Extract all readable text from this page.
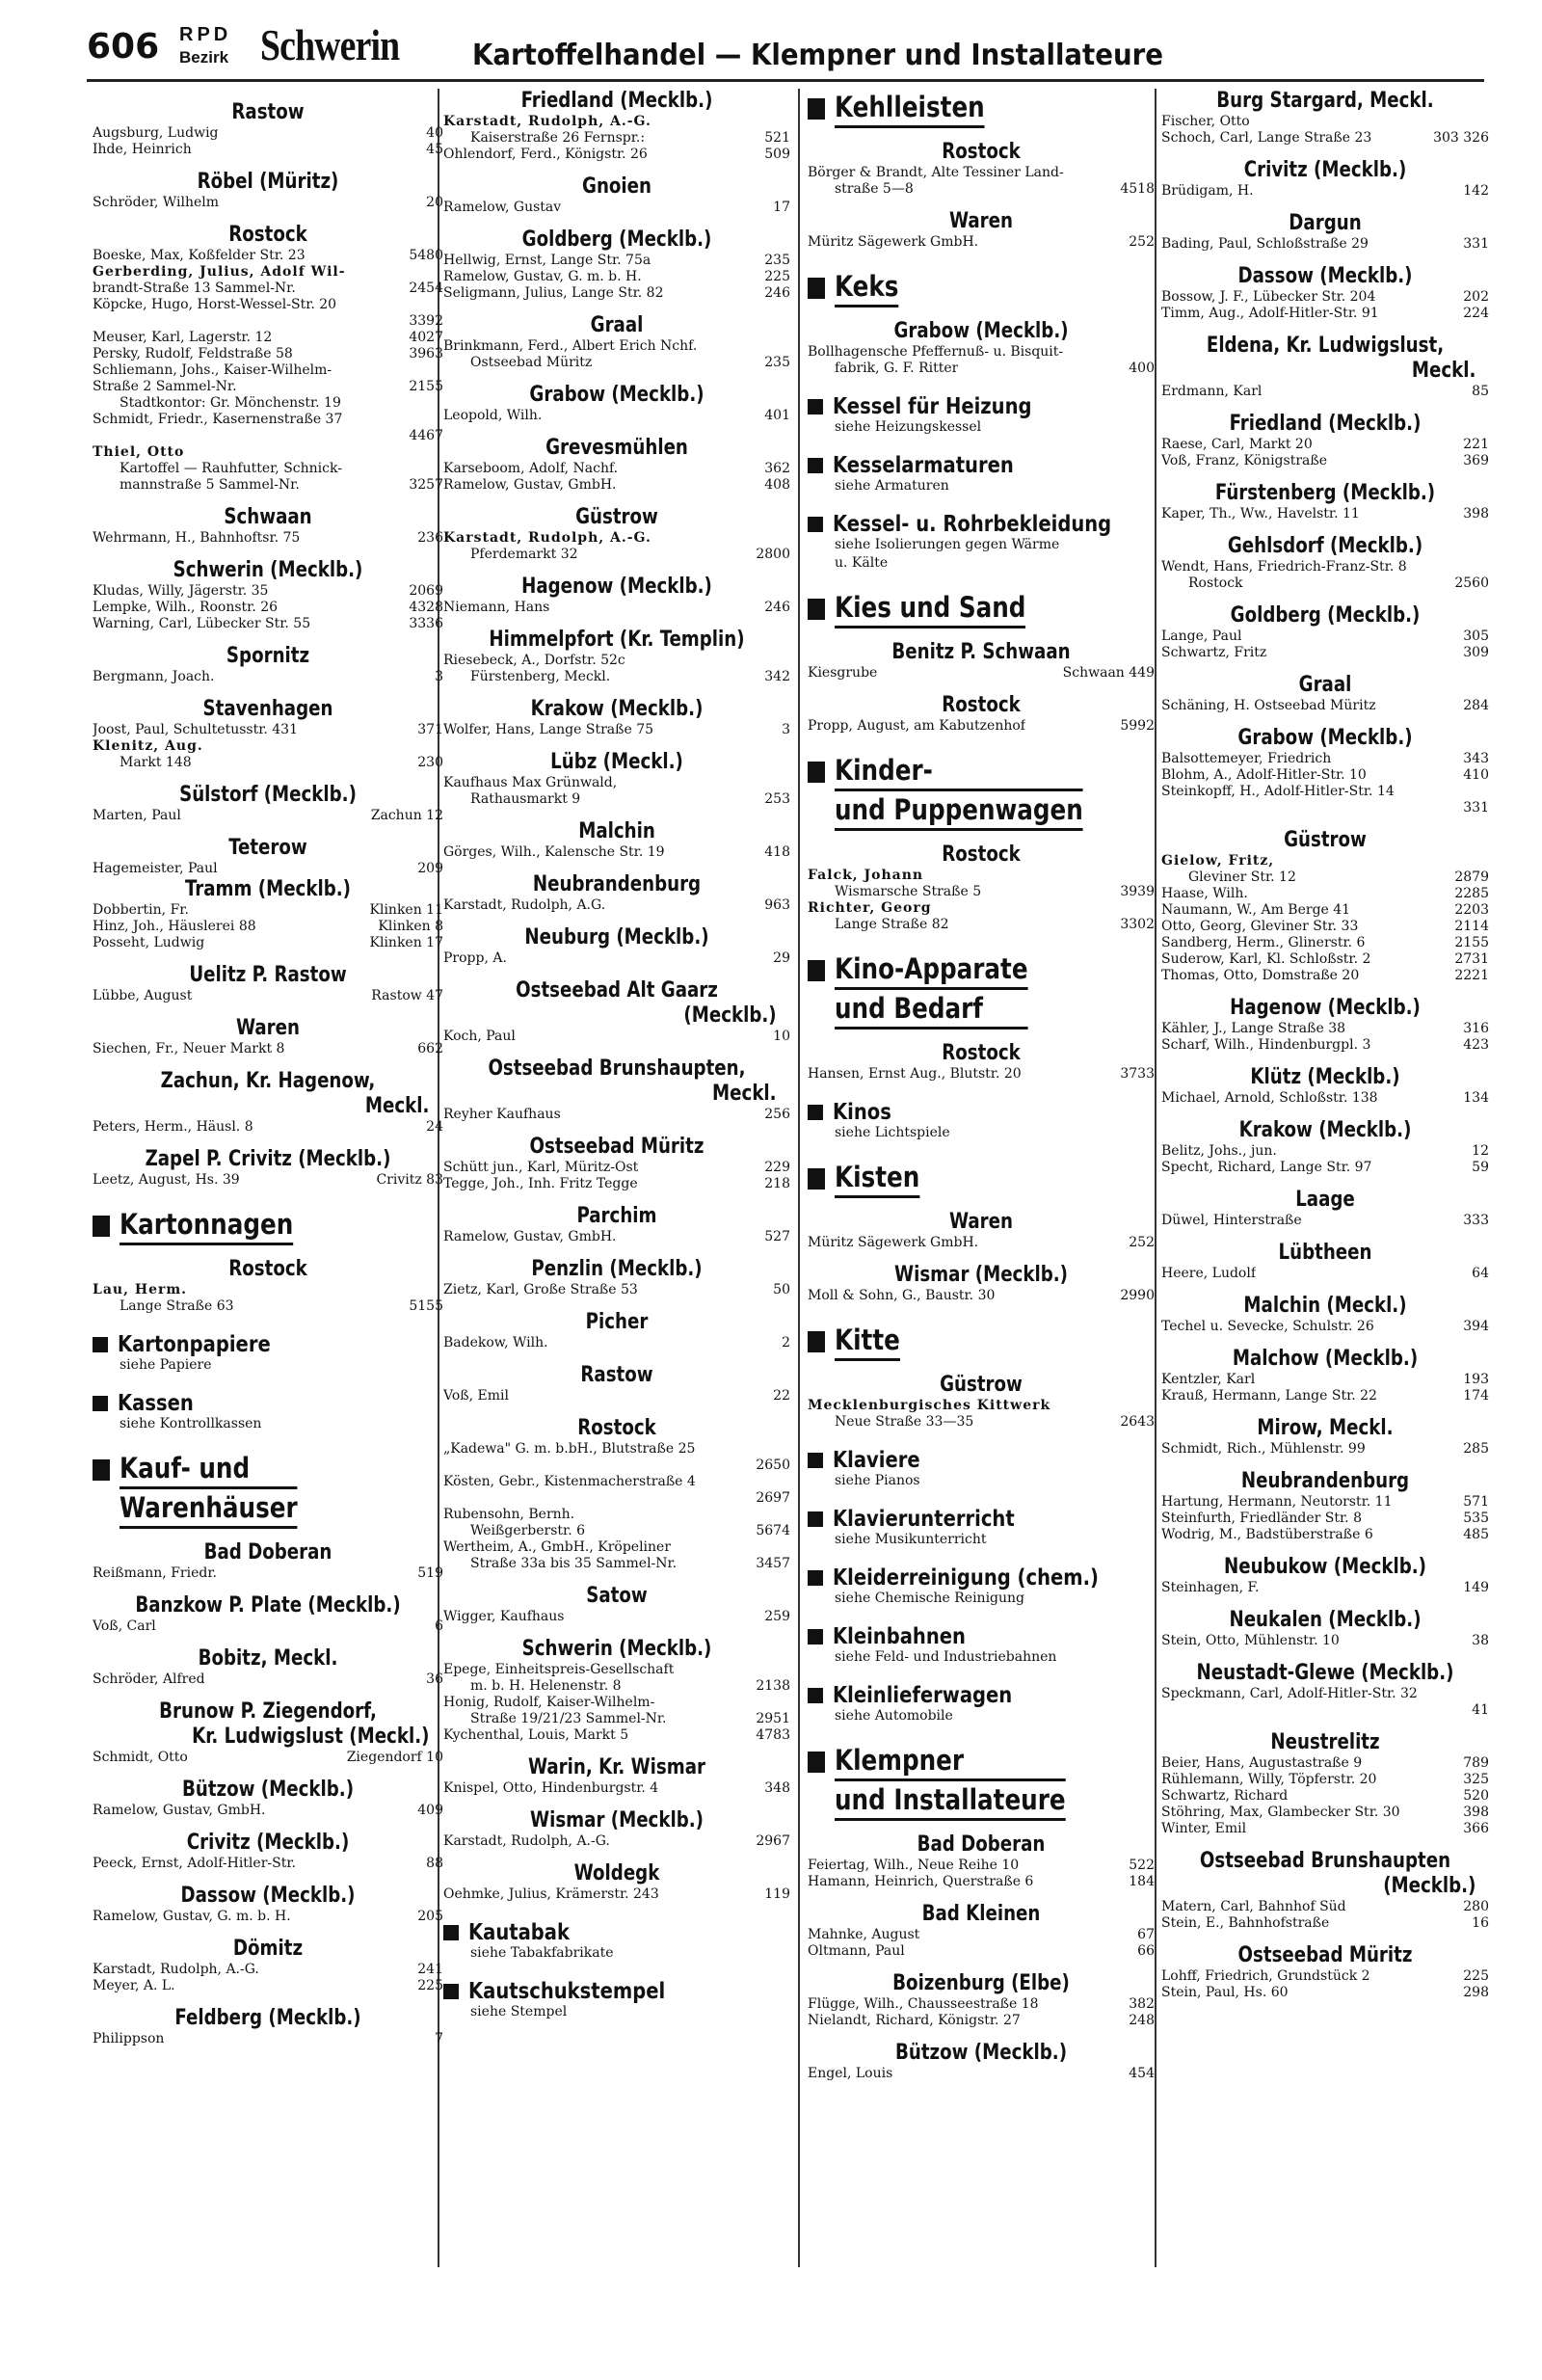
606 RPD
Bezirk Schwerin	Kartoffelhandel — Klempner und Installateure
Rastow
Augsburg, Ludwig	40
Ihde, Heinrich	45
Röbel (Müritz)
Schröder, Wilhelm	20
Rostock
Boeske, Max, Koßfelder Str. 23	5480
Gerberding, Julius, Adolf Wil-
brandt-Straße 13 Sammel-Nr.	2454
Köpcke, Hugo, Horst-Wessel-Str. 20
3392
Meuser, Karl, Lagerstr. 12	4027
Persky, Rudolf, Feldstraße 58	3963
Schliemann, Johs., Kaiser-Wilhelm-
Straße 2 Sammel-Nr.	2155
Stadtkontor: Gr. Mönchenstr. 19
Schmidt, Friedr., Kasernenstraße 37
4467
Thiel, Otto
Kartoffel — Rauhfutter, Schnick-
mannstraße 5 Sammel-Nr.	3257
Schwaan
Wehrmann, H., Bahnhoftsr. 75	236
Schwerin (Mecklb.)
Kludas, Willy, Jägerstr. 35	2069
Lempke, Wilh., Roonstr. 26	4328
Warning, Carl, Lübecker Str. 55	3336
Spornitz
Bergmann, Joach.	3
Stavenhagen
Joost, Paul, Schultetusstr. 431	371
Klenitz, Aug.
Markt 148	230
Sülstorf (Mecklb.)
Marten, Paul	Zachun 12
Teterow
Hagemeister, Paul	209
Tramm (Mecklb.)
Dobbertin, Fr.	Klinken 11
Hinz, Joh., Häuslerei 88	Klinken 8
Posseht, Ludwig	Klinken 17
Uelitz P. Rastow
Lübbe, August	Rastow 47
Waren
Siechen, Fr., Neuer Markt 8	662
Zachun, Kr. Hagenow,
Meckl.
Peters, Herm., Häusl. 8	24
Zapel P. Crivitz (Mecklb.)
Leetz, August, Hs. 39	Crivitz 83
Kartonnagen
Rostock
Lau, Herm.
Lange Straße 63	5155
Kartonpapiere
siehe Papiere
Kassen
siehe Kontrollkassen
Kauf- und
Warenhäuser
Bad Doberan
Reißmann, Friedr.	519
Banzkow P. Plate (Mecklb.)
Voß, Carl	6
Bobitz, Meckl.
Schröder, Alfred	36
Brunow P. Ziegendorf,
Kr. Ludwigslust (Meckl.)
Schmidt, Otto	Ziegendorf 10
Bützow (Mecklb.)
Ramelow, Gustav, GmbH.	409
Crivitz (Mecklb.)
Peeck, Ernst, Adolf-Hitler-Str.	88
Dassow (Mecklb.)
Ramelow, Gustav, G. m. b. H.	205
Dömitz
Karstadt, Rudolph, A.-G.	241
Meyer, A. L.	225
Feldberg (Mecklb.)
Philippson	7
Friedland (Mecklb.)
Karstadt, Rudolph, A.-G.
Kaiserstraße 26 Fernspr.:	521
Ohlendorf, Ferd., Königstr. 26	509
Gnoien
Ramelow, Gustav	17
Goldberg (Mecklb.)
Hellwig, Ernst, Lange Str. 75a	235
Ramelow, Gustav, G. m. b. H.	225
Seligmann, Julius, Lange Str. 82	246
Graal
Brinkmann, Ferd., Albert Erich Nchf.
Ostseebad Müritz	235
Grabow (Mecklb.)
Leopold, Wilh.	401
Grevesmühlen
Karseboom, Adolf, Nachf.	362
Ramelow, Gustav, GmbH.	408
Güstrow
Karstadt, Rudolph, A.-G.
Pferdemarkt 32	2800
Hagenow (Mecklb.)
Niemann, Hans	246
Himmelpfort (Kr. Templin)
Riesebeck, A., Dorfstr. 52c
Fürstenberg, Meckl.	342
Krakow (Mecklb.)
Wolfer, Hans, Lange Straße 75	3
Lübz (Meckl.)
Kaufhaus Max Grünwald,
Rathausmarkt 9	253
Malchin
Görges, Wilh., Kalensche Str. 19	418
Neubrandenburg
Karstadt, Rudolph, A.G.	963
Neuburg (Mecklb.)
Propp, A.	29
Ostseebad Alt Gaarz
(Mecklb.)
Koch, Paul	10
Ostseebad Brunshaupten,
Meckl.
Reyher Kaufhaus	256
Ostseebad Müritz
Schütt jun., Karl, Müritz-Ost	229
Tegge, Joh., Inh. Fritz Tegge	218
Parchim
Ramelow, Gustav, GmbH.	527
Penzlin (Mecklb.)
Zietz, Karl, Große Straße 53	50
Picher
Badekow, Wilh.	2
Rastow
Voß, Emil	22
Rostock
„Kadewa" G. m. b.bH., Blutstraße 25
2650
Kösten, Gebr., Kistenmacherstraße 4
2697
Rubensohn, Bernh.
Weißgerberstr. 6	5674
Wertheim, A., GmbH., Kröpeliner
Straße 33a bis 35 Sammel-Nr.	3457
Satow
Wigger, Kaufhaus	259
Schwerin (Mecklb.)
Epege, Einheitspreis-Gesellschaft
m. b. H. Helenenstr. 8	2138
Honig, Rudolf, Kaiser-Wilhelm-
Straße 19/21/23 Sammel-Nr.	2951
Kychenthal, Louis, Markt 5	4783
Warin, Kr. Wismar
Knispel, Otto, Hindenburgstr. 4	348
Wismar (Mecklb.)
Karstadt, Rudolph, A.-G.	2967
Woldegk
Oehmke, Julius, Krämerstr. 243	119
Kautabak
siehe Tabakfabrikate
Kautschukstempel
siehe Stempel
Kehlleisten
Rostock
Börger & Brandt, Alte Tessiner Land-
straße 5—8	4518
Waren
Müritz Sägewerk GmbH.	252
Keks
Grabow (Mecklb.)
Bollhagensche Pfeffernuß- u. Bisquit-
fabrik, G. F. Ritter	400
Kessel für Heizung
siehe Heizungskessel
Kesselarmaturen
siehe Armaturen
Kessel- u. Rohrbekleidung
siehe Isolierungen gegen Wärme
u. Kälte
Kies und Sand
Benitz P. Schwaan
Kiesgrube	Schwaan 449
Rostock
Propp, August, am Kabutzenhof	5992
Kinder-
und Puppenwagen
Rostock
Falck, Johann
Wismarsche Straße 5	3939
Richter, Georg
Lange Straße 82	3302
Kino-Apparate
und Bedarf
Rostock
Hansen, Ernst Aug., Blutstr. 20	3733
Kinos
siehe Lichtspiele
Kisten
Waren
Müritz Sägewerk GmbH.	252
Wismar (Mecklb.)
Moll & Sohn, G., Baustr. 30	2990
Kitte
Güstrow
Mecklenburgisches Kittwerk
Neue Straße 33—35	2643
Klaviere
siehe Pianos
Klavierunterricht
siehe Musikunterricht
Kleiderreinigung (chem.)
siehe Chemische Reinigung
Kleinbahnen
siehe Feld- und Industriebahnen
Kleinlieferwagen
siehe Automobile
Klempner
und Installateure
Bad Doberan
Feiertag, Wilh., Neue Reihe 10	522
Hamann, Heinrich, Querstraße 6	184
Bad Kleinen
Mahnke, August	67
Oltmann, Paul	66
Boizenburg (Elbe)
Flügge, Wilh., Chausseestraße 18	382
Nielandt, Richard, Königstr. 27	248
Bützow (Mecklb.)
Engel, Louis	454
Burg Stargard, Meckl.
Fischer, Otto
Schoch, Carl, Lange Straße 23	303 326
Crivitz (Mecklb.)
Brüdigam, H.	142
Dargun
Bading, Paul, Schloßstraße 29	331
Dassow (Mecklb.)
Bossow, J. F., Lübecker Str. 204	202
Timm, Aug., Adolf-Hitler-Str. 91	224
Eldena, Kr. Ludwigslust,
Meckl.
Erdmann, Karl	85
Friedland (Mecklb.)
Raese, Carl, Markt 20	221
Voß, Franz, Königstraße	369
Fürstenberg (Mecklb.)
Kaper, Th., Ww., Havelstr. 11	398
Gehlsdorf (Mecklb.)
Wendt, Hans, Friedrich-Franz-Str. 8
Rostock	2560
Goldberg (Mecklb.)
Lange, Paul	305
Schwartz, Fritz	309
Graal
Schäning, H. Ostseebad Müritz	284
Grabow (Mecklb.)
Balsottemeyer, Friedrich	343
Blohm, A., Adolf-Hitler-Str. 10	410
Steinkopff, H., Adolf-Hitler-Str. 14
331
Güstrow
Gielow, Fritz,
Gleviner Str. 12	2879
Haase, Wilh.	2285
Naumann, W., Am Berge 41	2203
Otto, Georg, Gleviner Str. 33	2114
Sandberg, Herm., Glinerstr. 6	2155
Suderow, Karl, Kl. Schloßstr. 2	2731
Thomas, Otto, Domstraße 20	2221
Hagenow (Mecklb.)
Kähler, J., Lange Straße 38	316
Scharf, Wilh., Hindenburgpl. 3	423
Klütz (Mecklb.)
Michael, Arnold, Schloßstr. 138	134
Krakow (Mecklb.)
Belitz, Johs., jun.	12
Specht, Richard, Lange Str. 97	59
Laage
Düwel, Hinterstraße	333
Lübtheen
Heere, Ludolf	64
Malchin (Meckl.)
Techel u. Sevecke, Schulstr. 26	394
Malchow (Mecklb.)
Kentzler, Karl	193
Krauß, Hermann, Lange Str. 22	174
Mirow, Meckl.
Schmidt, Rich., Mühlenstr. 99	285
Neubrandenburg
Hartung, Hermann, Neutorstr. 11	571
Steinfurth, Friedländer Str. 8	535
Wodrig, M., Badstüberstraße 6	485
Neubukow (Mecklb.)
Steinhagen, F.	149
Neukalen (Mecklb.)
Stein, Otto, Mühlenstr. 10	38
Neustadt-Glewe (Mecklb.)
Speckmann, Carl, Adolf-Hitler-Str. 32
41
Neustrelitz
Beier, Hans, Augustastraße 9	789
Rühlemann, Willy, Töpferstr. 20	325
Schwartz, Richard	520
Stöhring, Max, Glambecker Str. 30	398
Winter, Emil	366
Ostseebad Brunshaupten
(Mecklb.)
Matern, Carl, Bahnhof Süd	280
Stein, E., Bahnhofstraße	16
Ostseebad Müritz
Lohff, Friedrich, Grundstück 2	225
Stein, Paul, Hs. 60	298
